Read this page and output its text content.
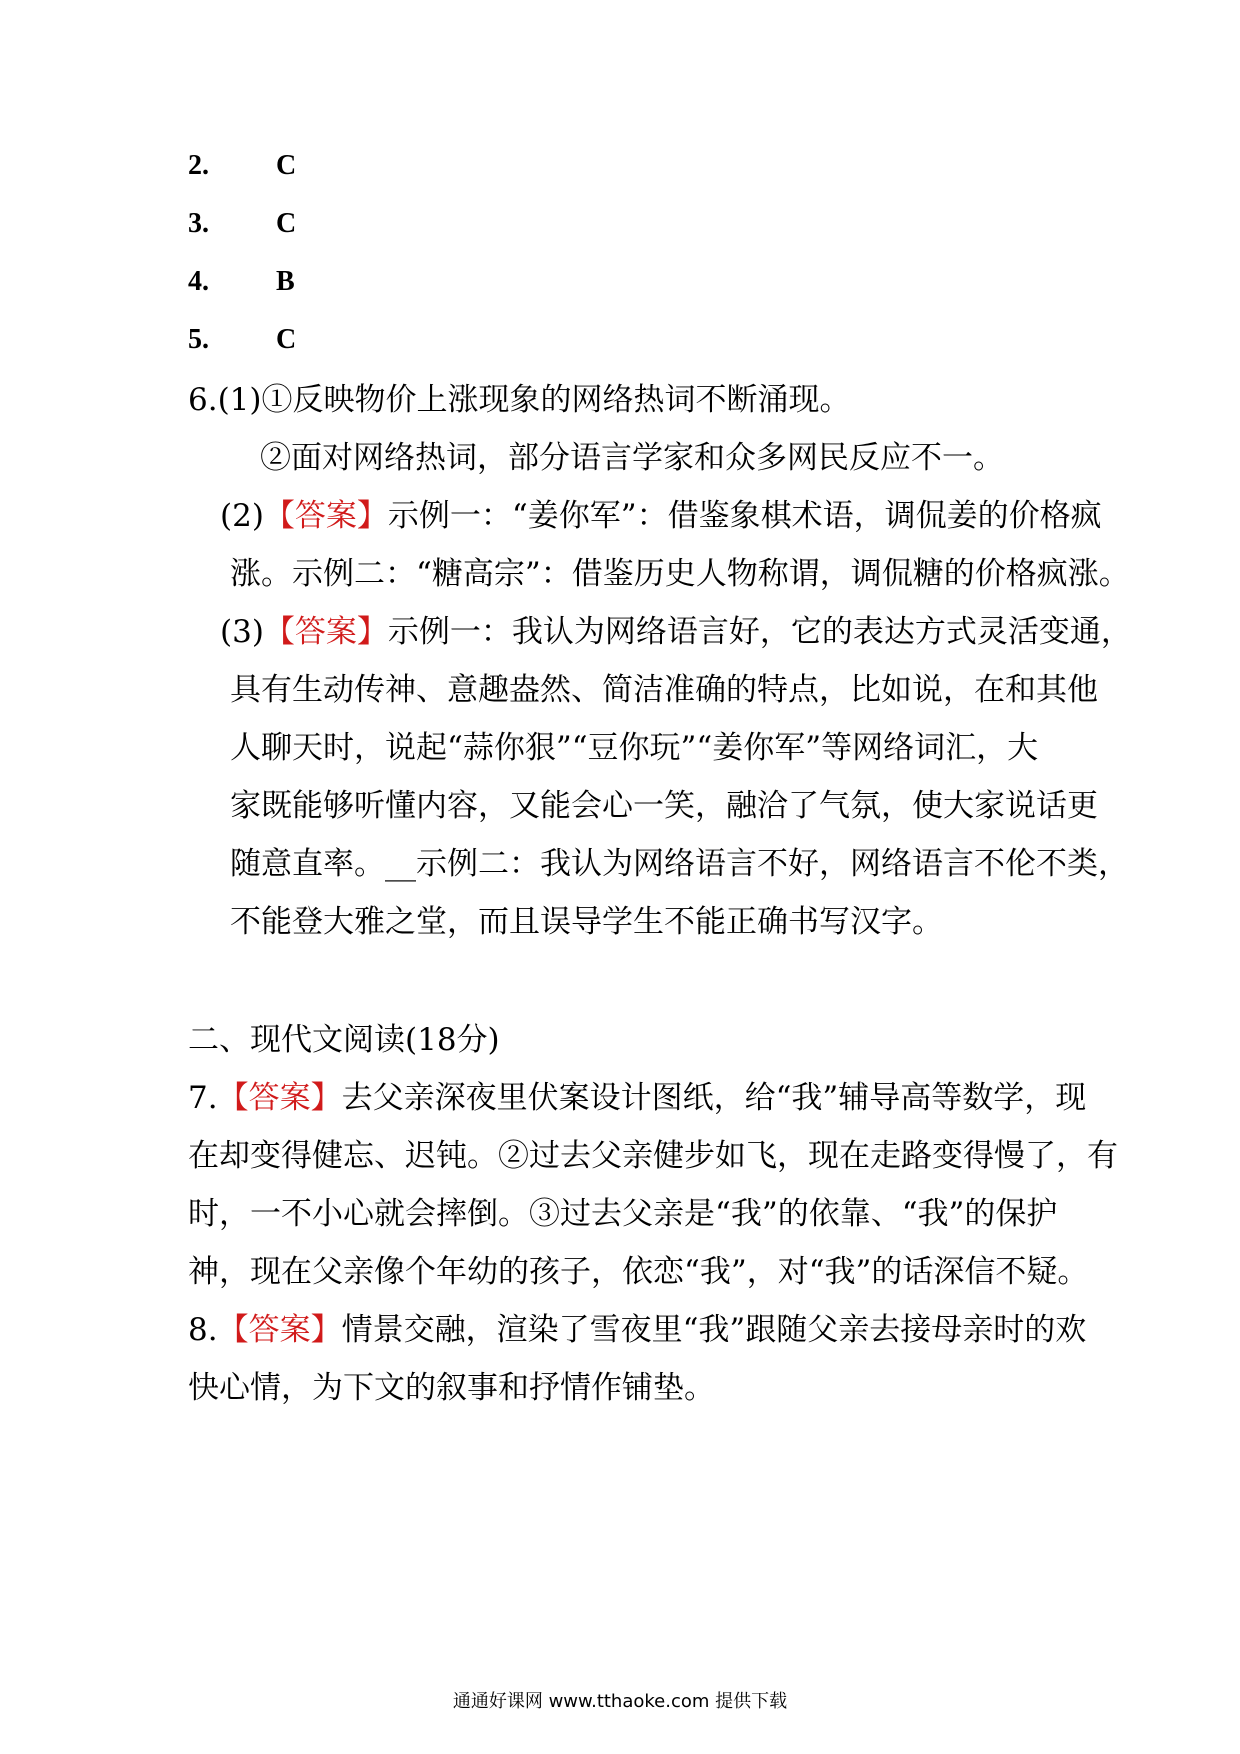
2. C
3. C
4. B
5. C
6.(1)①反映物价上涨现象的网络热词不断涌现。
②面对网络热词，部分语言学家和众多网民反应不一。
(2)【答案】示例一：“姜你军”：借鉴象棋术语，调侃姜的价格疯
涨。示例二：“糖高宗”：借鉴历史人物称谓，调侃糖的价格疯涨。
(3)【答案】示例一：我认为网络语言好，它的表达方式灵活变通，
具有生动传神、意趣盎然、简洁准确的特点，比如说，在和其他
人聊天时，说起“蒜你狠”“豆你玩”“姜你军”等网络词汇，大
家既能够听懂内容，又能会心一笑，融洽了气氛，使大家说话更
随意直率。__示例二：我认为网络语言不好，网络语言不伦不类，
不能登大雅之堂，而且误导学生不能正确书写汉字。
二、现代文阅读(18分)
7.【答案】去父亲深夜里伏案设计图纸，给“我”辅导高等数学，现
在却变得健忘、迟钝。②过去父亲健步如飞，现在走路变得慢了，有
时，一不小心就会摔倒。③过去父亲是“我”的依靠、“我”的保护
神，现在父亲像个年幼的孩子，依恋“我”，对“我”的话深信不疑。
8.【答案】情景交融，渲染了雪夜里“我”跟随父亲去接母亲时的欢
快心情，为下文的叙事和抒情作铺垫。
通通好课网 www.tthaoke.com 提供下载
